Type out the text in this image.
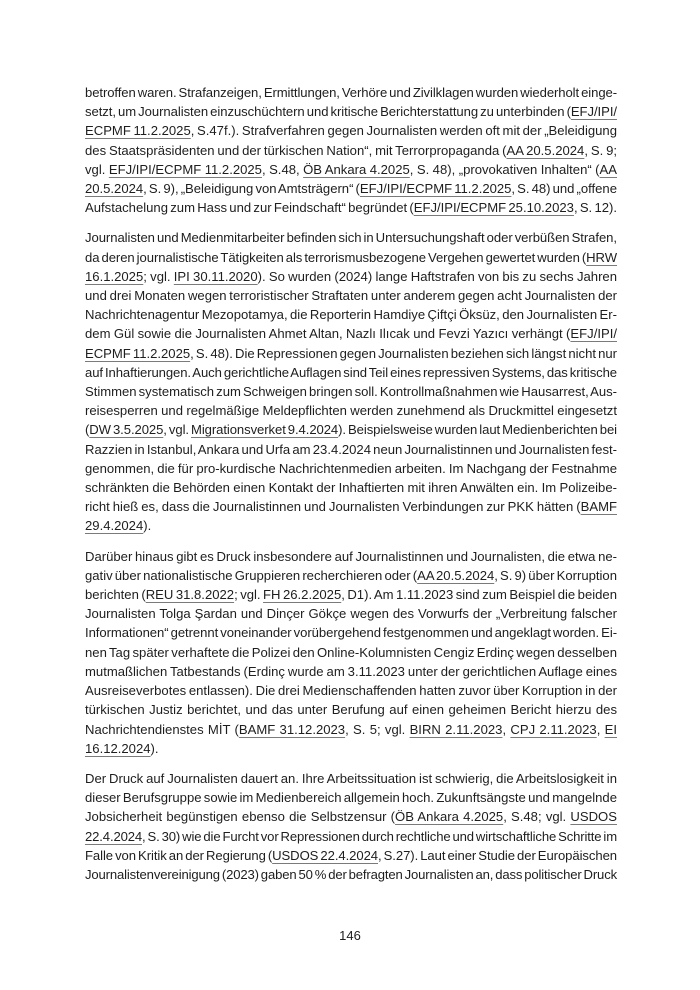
betroffen waren. Strafanzeigen, Ermittlungen, Verhöre und Zivilklagen wurden wiederholt einge-
setzt, um Journalisten einzuschüchtern und kritische Berichterstattung zu unterbinden (EFJ/IPI/
ECPMF 11.2.2025, S.47f.). Strafverfahren gegen Journalisten werden oft mit der „Beleidigung
des Staatspräsidenten und der türkischen Nation“, mit Terrorpropaganda (AA 20.5.2024, S. 9;
vgl. EFJ/IPI/ECPMF 11.2.2025, S.48, ÖB Ankara 4.2025, S. 48), „provokativen Inhalten“ (AA
20.5.2024, S. 9), „Beleidigung von Amtsträgern“ (EFJ/IPI/ECPMF 11.2.2025, S. 48) und „offene
Aufstachelung zum Hass und zur Feindschaft“ begründet (EFJ/IPI/ECPMF 25.10.2023, S. 12).
Journalisten und Medienmitarbeiter befinden sich in Untersuchungshaft oder verbüßen Strafen,
da deren journalistische Tätigkeiten als terrorismusbezogene Vergehen gewertet wurden (HRW
16.1.2025; vgl. IPI 30.11.2020). So wurden (2024) lange Haftstrafen von bis zu sechs Jahren
und drei Monaten wegen terroristischer Straftaten unter anderem gegen acht Journalisten der
Nachrichtenagentur Mezopotamya, die Reporterin Hamdiye Çiftçi Öksüz, den Journalisten Er-
dem Gül sowie die Journalisten Ahmet Altan, Nazlı Ilıcak und Fevzi Yazıcı verhängt (EFJ/IPI/
ECPMF 11.2.2025, S. 48). Die Repressionen gegen Journalisten beziehen sich längst nicht nur
auf Inhaftierungen. Auch gerichtliche Auflagen sind Teil eines repressiven Systems, das kritische
Stimmen systematisch zum Schweigen bringen soll. Kontrollmaßnahmen wie Hausarrest, Aus-
reisesperren und regelmäßige Meldepflichten werden zunehmend als Druckmittel eingesetzt
(DW 3.5.2025, vgl. Migrationsverket 9.4.2024). Beispielsweise wurden laut Medienberichten bei
Razzien in Istanbul, Ankara und Urfa am 23.4.2024 neun Journalistinnen und Journalisten fest-
genommen, die für pro-kurdische Nachrichtenmedien arbeiten. Im Nachgang der Festnahme
schränkten die Behörden einen Kontakt der Inhaftierten mit ihren Anwälten ein. Im Polizeibe-
richt hieß es, dass die Journalistinnen und Journalisten Verbindungen zur PKK hätten (BAMF
29.4.2024).
Darüber hinaus gibt es Druck insbesondere auf Journalistinnen und Journalisten, die etwa ne-
gativ über nationalistische Gruppieren recherchieren oder (AA 20.5.2024, S. 9) über Korruption
berichten (REU 31.8.2022; vgl. FH 26.2.2025, D1). Am 1.11.2023 sind zum Beispiel die beiden
Journalisten Tolga Şardan und Dinçer Gökçe wegen des Vorwurfs der „Verbreitung falscher
Informationen“ getrennt voneinander vorübergehend festgenommen und angeklagt worden. Ei-
nen Tag später verhaftete die Polizei den Online-Kolumnisten Cengiz Erdinç wegen desselben
mutmaßlichen Tatbestands (Erdinç wurde am 3.11.2023 unter der gerichtlichen Auflage eines
Ausreiseverbotes entlassen). Die drei Medienschaffenden hatten zuvor über Korruption in der
türkischen Justiz berichtet, und das unter Berufung auf einen geheimen Bericht hierzu des
Nachrichtendienstes MİT (BAMF 31.12.2023, S. 5; vgl. BIRN 2.11.2023, CPJ 2.11.2023, EI
16.12.2024).
Der Druck auf Journalisten dauert an. Ihre Arbeitssituation ist schwierig, die Arbeitslosigkeit in
dieser Berufsgruppe sowie im Medienbereich allgemein hoch. Zukunftsängste und mangelnde
Jobsicherheit begünstigen ebenso die Selbstzensur (ÖB Ankara 4.2025, S.48; vgl. USDOS
22.4.2024, S. 30) wie die Furcht vor Repressionen durch rechtliche und wirtschaftliche Schritte im
Falle von Kritik an der Regierung (USDOS 22.4.2024, S.27). Laut einer Studie der Europäischen
Journalistenvereinigung (2023) gaben 50 % der befragten Journalisten an, dass politischer Druck
146
